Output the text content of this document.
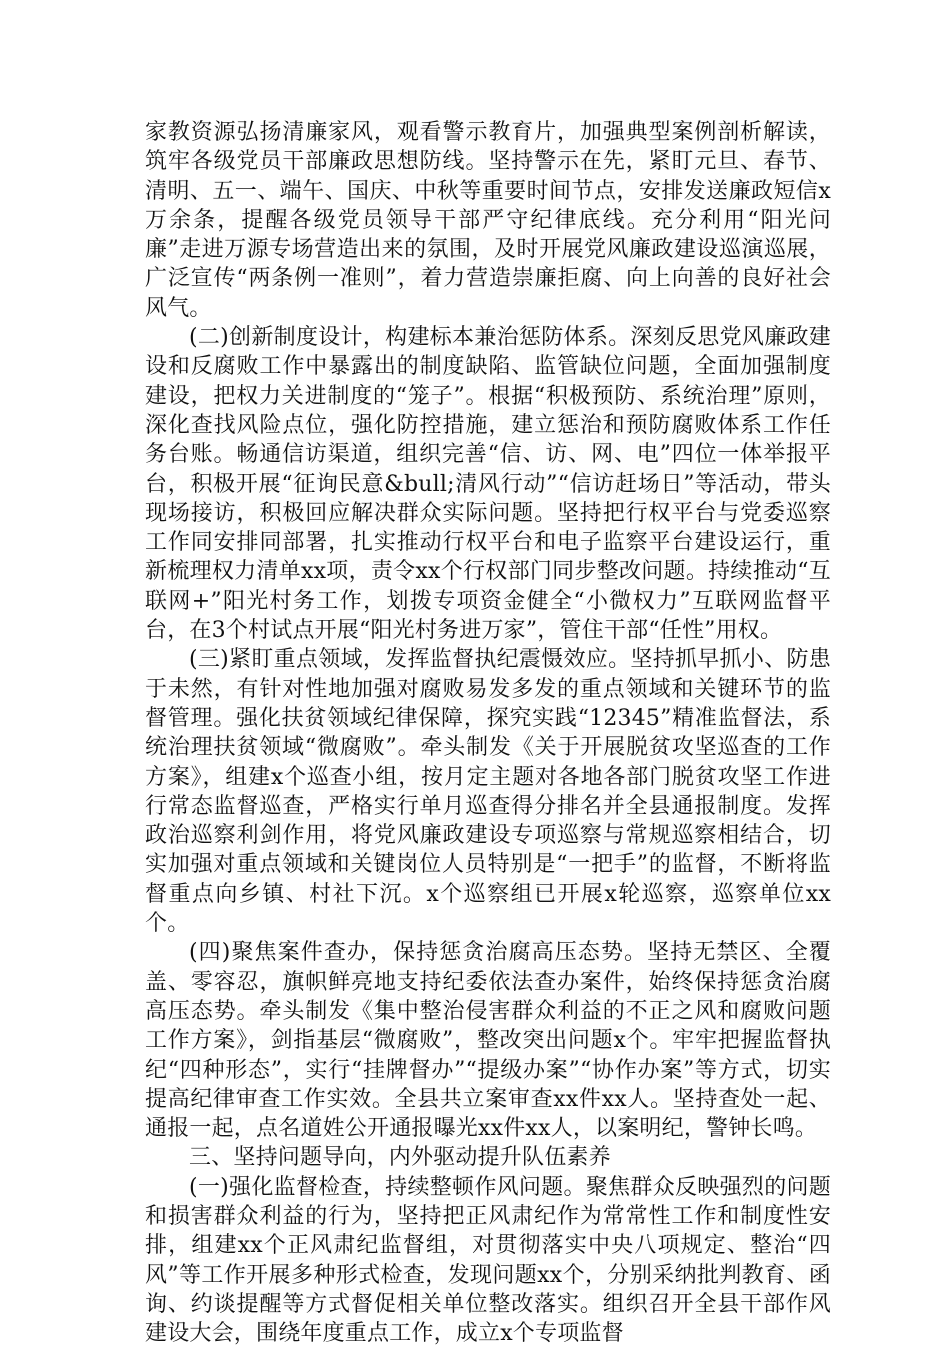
家教资源弘扬清廉家风，观看警示教育片，加强典型案例剖析解读，筑牢各级党员干部廉政思想防线。坚持警示在先，紧盯元旦、春节、清明、五一、端午、国庆、中秋等重要时间节点，安排发送廉政短信x万余条，提醒各级党员领导干部严守纪律底线。充分利用“阳光问廉”走进万源专场营造出来的氛围，及时开展党风廉政建设巡演巡展，广泛宣传“两条例一准则”，着力营造崇廉拒腐、向上向善的良好社会风气。

(二)创新制度设计，构建标本兼治惩防体系。深刻反思党风廉政建设和反腐败工作中暴露出的制度缺陷、监管缺位问题，全面加强制度建设，把权力关进制度的“笼子”。根据“积极预防、系统治理”原则，深化查找风险点位，强化防控措施，建立惩治和预防腐败体系工作任务台账。畅通信访渠道，组织完善“信、访、网、电”四位一体举报平台，积极开展“征询民意&bull;清风行动”“信访赶场日”等活动，带头现场接访，积极回应解决群众实际问题。坚持把行权平台与党委巡察工作同安排同部署，扎实推动行权平台和电子监察平台建设运行，重新梳理权力清单xx项，责令xx个行权部门同步整改问题。持续推动“互联网+”阳光村务工作，划拨专项资金健全“小微权力”互联网监督平台，在3个村试点开展“阳光村务进万家”，管住干部“任性”用权。

(三)紧盯重点领域，发挥监督执纪震慑效应。坚持抓早抓小、防患于未然，有针对性地加强对腐败易发多发的重点领域和关键环节的监督管理。强化扶贫领域纪律保障，探究实践“12345”精准监督法，系统治理扶贫领域“微腐败”。牵头制发《关于开展脱贫攻坚巡查的工作方案》，组建x个巡查小组，按月定主题对各地各部门脱贫攻坚工作进行常态监督巡查，严格实行单月巡查得分排名并全县通报制度。发挥政治巡察利剑作用，将党风廉政建设专项巡察与常规巡察相结合，切实加强对重点领域和关键岗位人员特别是“一把手”的监督，不断将监督重点向乡镇、村社下沉。x个巡察组已开展x轮巡察，巡察单位xx个。

(四)聚焦案件查办，保持惩贪治腐高压态势。坚持无禁区、全覆盖、零容忍，旗帜鲜亮地支持纪委依法查办案件，始终保持惩贪治腐高压态势。牵头制发《集中整治侵害群众利益的不正之风和腐败问题工作方案》，剑指基层“微腐败”，整改突出问题x个。牢牢把握监督执纪“四种形态”，实行“挂牌督办”“提级办案”“协作办案”等方式，切实提高纪律审查工作实效。全县共立案审查xx件xx人。坚持查处一起、通报一起，点名道姓公开通报曝光xx件xx人，以案明纪，警钟长鸣。

三、坚持问题导向，内外驱动提升队伍素养

(一)强化监督检查，持续整顿作风问题。聚焦群众反映强烈的问题和损害群众利益的行为，坚持把正风肃纪作为常常性工作和制度性安排，组建xx个正风肃纪监督组，对贯彻落实中央八项规定、整治“四风”等工作开展多种形式检查，发现问题xx个，分别采纳批判教育、函询、约谈提醒等方式督促相关单位整改落实。组织召开全县干部作风建设大会，围绕年度重点工作，成立x个专项监督
